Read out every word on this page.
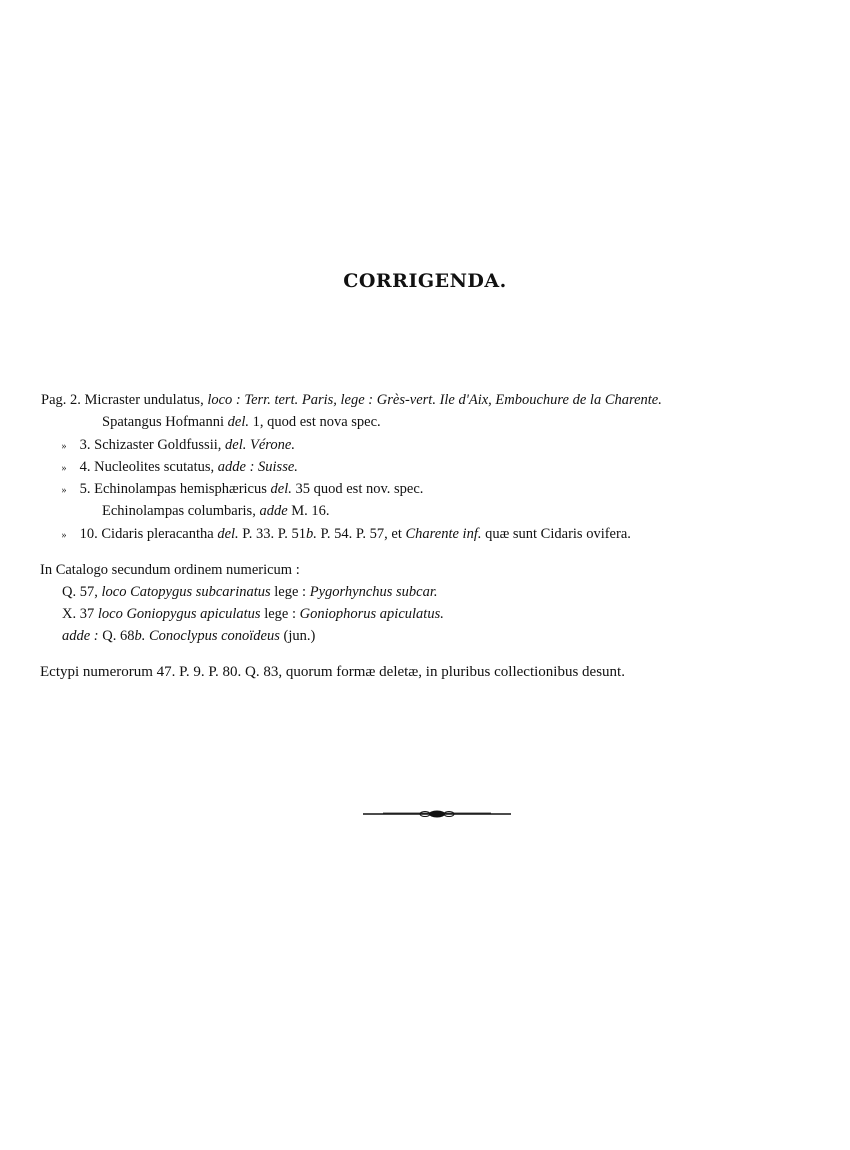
CORRIGENDA.
Pag. 2. Micraster undulatus, loco : Terr. tert. Paris, lege : Grès-vert. Ile d'Aix, Embouchure de la Charente.
Spatangus Hofmanni del. 1, quod est nova spec.
» 3. Schizaster Goldfussii, del. Vérone.
» 4. Nucleolites scutatus, adde : Suisse.
» 5. Echinolampas hemisphæricus del. 35 quod est nov. spec.
Echinolampas columbaris, adde M. 16.
» 10. Cidaris pleracantha del. P. 33. P. 51b. P. 54. P. 57, et Charente inf. quæ sunt Cidaris ovifera.
In Catalogo secundum ordinem numericum :
Q. 57, loco Catopygus subcarinatus lege : Pygorhynchus subcar.
X. 37 loco Goniopygus apiculatus lege : Goniophorus apiculatus.
adde : Q. 68b. Conoclypus conoïdeus (jun.)
Ectypi numerorum 47. P. 9. P. 80. Q. 83, quorum formæ deletæ, in pluribus collectionibus desunt.
